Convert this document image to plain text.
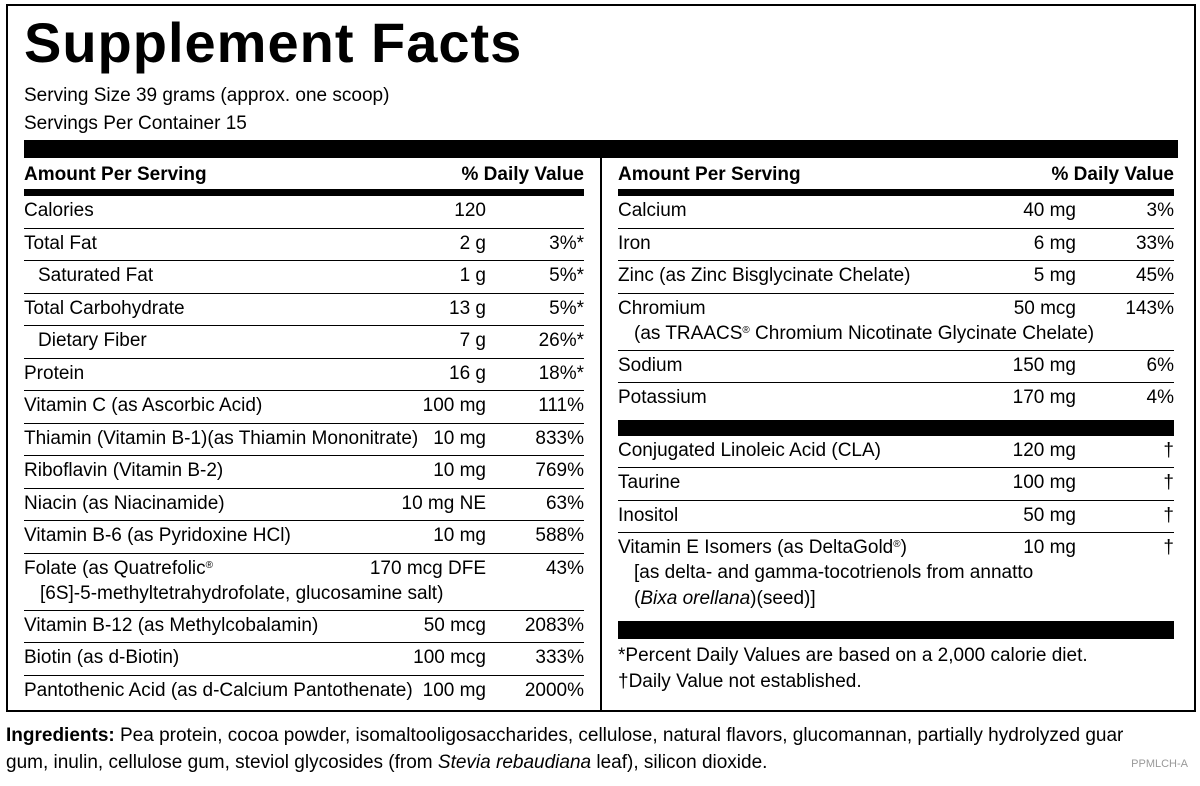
Supplement Facts
Serving Size 39 grams (approx. one scoop)
Servings Per Container 15
Amount Per Serving	% Daily Value
Calories	120
Total Fat	2 g	3%*
Saturated Fat	1 g	5%*
Total Carbohydrate	13 g	5%*
Dietary Fiber	7 g	26%*
Protein	16 g	18%*
Vitamin C (as Ascorbic Acid)	100 mg	111%
Thiamin (Vitamin B-1)(as Thiamin Mononitrate) 10 mg	833%
Riboflavin (Vitamin B-2)	10 mg	769%
Niacin (as Niacinamide)	10 mg NE	63%
Vitamin B-6 (as Pyridoxine HCl)	10 mg	588%
Folate (as Quatrefolic®
[6S]-5-methyltetrahydrofolate, glucosamine salt)
170 mcg DFE	43%
Vitamin B-12 (as Methylcobalamin)	50 mcg 2083%
Biotin (as d-Biotin)	100 mcg	333%
Pantothenic Acid (as d-Calcium Pantothenate) 100 mg 2000%
Amount Per Serving	% Daily Value
Calcium	40 mg	3%
Iron	6 mg	33%
Zinc (as Zinc Bisglycinate Chelate)	5 mg	45%
Chromium
(as TRAACS® Chromium Nicotinate Glycinate Chelate)
50 mcg	143%
Sodium	150 mg	6%
Potassium	170 mg	4%
Conjugated Linoleic Acid (CLA)	120 mg	†
Taurine	100 mg	†
Inositol	50 mg	†
Vitamin E Isomers (as DeltaGold®)
[as delta- and gamma-tocotrienols from annatto
(Bixa orellana)(seed)]
10 mg	†
*Percent Daily Values are based on a 2,000 calorie diet.
†Daily Value not established.
Ingredients: Pea protein, cocoa powder, isomaltooligosaccharides, cellulose, natural flavors, glucomannan, partially hydrolyzed guar gum, inulin, cellulose gum, steviol glycosides (from Stevia rebaudiana leaf), silicon dioxide.	PPMLCH-A
